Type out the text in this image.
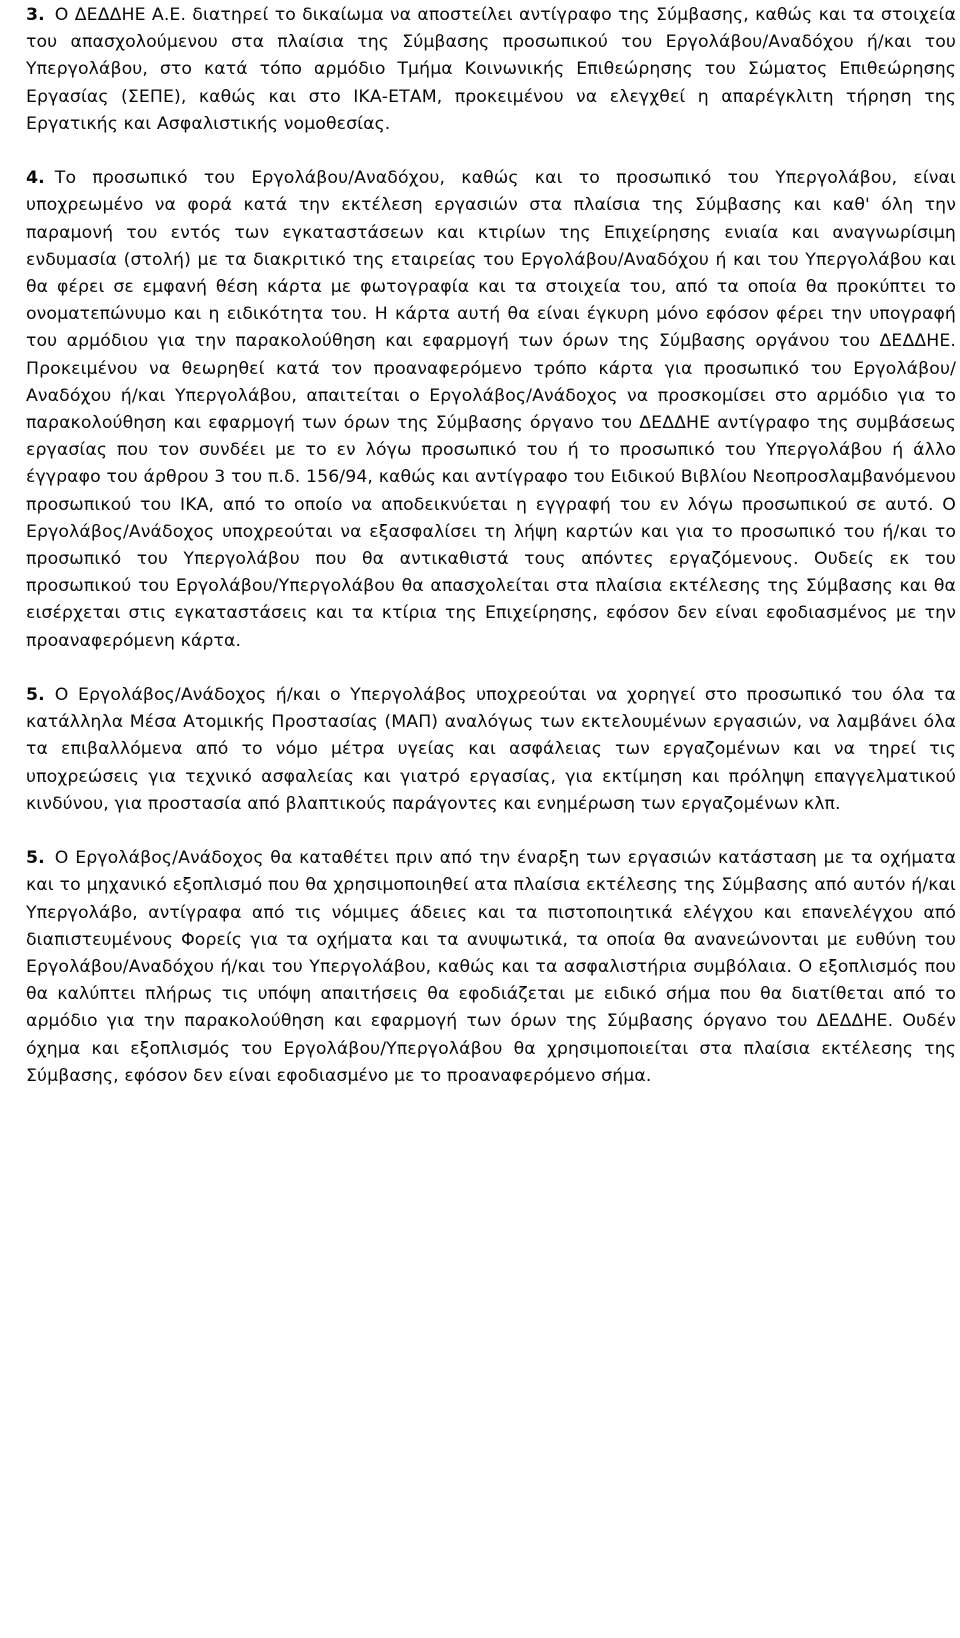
3. Ο ΔΕΔΔΗΕ Α.Ε. διατηρεί το δικαίωμα να αποστείλει αντίγραφο της Σύμβασης, καθώς και τα στοιχεία του απασχολούμενου στα πλαίσια της Σύμβασης προσωπικού του Εργολάβου/Αναδόχου ή/και του Υπεργολάβου, στο κατά τόπο αρμόδιο Τμήμα Κοινωνικής Επιθεώρησης του Σώματος Επιθεώρησης Εργασίας (ΣΕΠΕ), καθώς και στο ΙΚΑ-ΕΤΑΜ, προκειμένου να ελεγχθεί η απαρέγκλιτη τήρηση της Εργατικής και Ασφαλιστικής νομοθεσίας.

4. Το προσωπικό του Εργολάβου/Αναδόχου, καθώς και το προσωπικό του Υπεργολάβου, είναι υποχρεωμένο να φορά κατά την εκτέλεση εργασιών στα πλαίσια της Σύμβασης και καθ' όλη την παραμονή του εντός των εγκαταστάσεων και κτιρίων της Επιχείρησης ενιαία και αναγνωρίσιμη ενδυμασία (στολή) με τα διακριτικό της εταιρείας του Εργολάβου/Αναδόχου ή και του Υπεργολάβου και θα φέρει σε εμφανή θέση κάρτα με φωτογραφία και τα στοιχεία του, από τα οποία θα προκύπτει το ονοματεπώνυμο και η ειδικότητα του. Η κάρτα αυτή θα είναι έγκυρη μόνο εφόσον φέρει την υπογραφή του αρμόδιου για την παρακολούθηση και εφαρμογή των όρων της Σύμβασης οργάνου του ΔΕΔΔΗΕ. Προκειμένου να θεωρηθεί κατά τον προαναφερόμενο τρόπο κάρτα για προσωπικό του Εργολάβου/Αναδόχου ή/και Υπεργολάβου, απαιτείται ο Εργολάβος/Ανάδοχος να προσκομίσει στο αρμόδιο για το παρακολούθηση και εφαρμογή των όρων της Σύμβασης όργανο του ΔΕΔΔΗΕ αντίγραφο της συμβάσεως εργασίας που τον συνδέει με το εν λόγω προσωπικό του ή το προσωπικό του Υπεργολάβου ή άλλο έγγραφο του άρθρου 3 του π.δ. 156/94, καθώς και αντίγραφο του Ειδικού Βιβλίου Νεοπροσλαμβανόμενου προσωπικού του ΙΚΑ, από το οποίο να αποδεικνύεται η εγγραφή του εν λόγω προσωπικού σε αυτό. Ο Εργολάβος/Ανάδοχος υποχρεούται να εξασφαλίσει τη λήψη καρτών και για το προσωπικό του ή/και το προσωπικό του Υπεργολάβου που θα αντικαθιστά τους απόντες εργαζόμενους. Ουδείς εκ του προσωπικού του Εργολάβου/Υπεργολάβου θα απασχολείται στα πλαίσια εκτέλεσης της Σύμβασης και θα εισέρχεται στις εγκαταστάσεις και τα κτίρια της Επιχείρησης, εφόσον δεν είναι εφοδιασμένος με την προαναφερόμενη κάρτα.

5. Ο Εργολάβος/Ανάδοχος ή/και ο Υπεργολάβος υποχρεούται να χορηγεί στο προσωπικό του όλα τα κατάλληλα Μέσα Ατομικής Προστασίας (ΜΑΠ) αναλόγως των εκτελουμένων εργασιών, να λαμβάνει όλα τα επιβαλλόμενα από το νόμο μέτρα υγείας και ασφάλειας των εργαζομένων και να τηρεί τις υποχρεώσεις για τεχνικό ασφαλείας και γιατρό εργασίας, για εκτίμηση και πρόληψη επαγγελματικού κινδύνου, για προστασία από βλαπτικούς παράγοντες και ενημέρωση των εργαζομένων κλπ.

5. Ο Εργολάβος/Ανάδοχος θα καταθέτει πριν από την έναρξη των εργασιών κατάσταση με τα οχήματα και το μηχανικό εξοπλισμό που θα χρησιμοποιηθεί ατα πλαίσια εκτέλεσης της Σύμβασης από αυτόν ή/και Υπεργολάβο, αντίγραφα από τις νόμιμες άδειες και τα πιστοποιητικά ελέγχου και επανελέγχου από διαπιστευμένους Φορείς για τα οχήματα και τα ανυψωτικά, τα οποία θα ανανεώνονται με ευθύνη του Εργολάβου/Αναδόχου ή/και του Υπεργολάβου, καθώς και τα ασφαλιστήρια συμβόλαια. Ο εξοπλισμός που θα καλύπτει πλήρως τις υπόψη απαιτήσεις θα εφοδιάζεται με ειδικό σήμα που θα διατίθεται από το αρμόδιο για την παρακολούθηση και εφαρμογή των όρων της Σύμβασης όργανο του ΔΕΔΔΗΕ. Ουδέν όχημα και εξοπλισμός του Εργολάβου/Υπεργολάβου θα χρησιμοποιείται στα πλαίσια εκτέλεσης της Σύμβασης, εφόσον δεν είναι εφοδιασμένο με το προαναφερόμενο σήμα.
